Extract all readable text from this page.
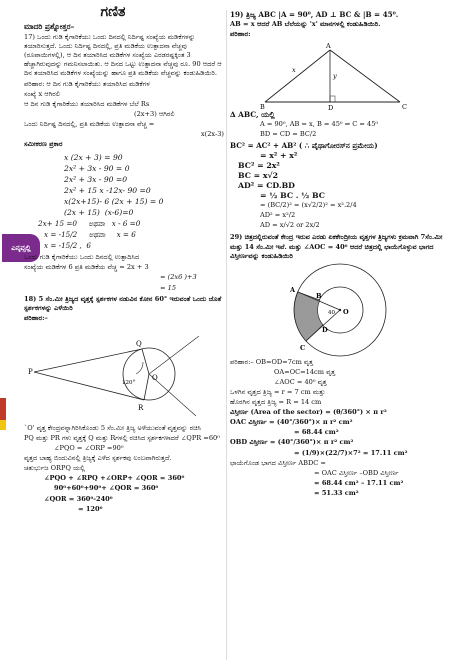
ಗಣಿತ
ಎನ್ಕವ್ಸಲ್ಲಿ
ಮಾದರಿ ಪ್ರಶ್ನೋತ್ತರ–
17) ಒಂದು ಗುಡಿ ಕೈಗಾರಿಕೆಯು ಒಂದು ದಿನದಲ್ಲಿ ನಿರ್ದಿಷ್ಟ ಸಂಖ್ಯೆಯ ಮಡಿಕೆಗಳನ್ನು ತಯಾರಿಸುತ್ತದೆ. ಒಂದು ನಿರ್ದಿಷ್ಟ ದಿನದಲ್ಲಿ, ಪ್ರತಿ ಮಡಿಕೆಯ ಉತ್ಪಾದನಾ ವೆಚ್ಚವು (ರೂಪಾಯಿಗಳಲ್ಲಿ), ಆ ದಿನ ತಯಾರಿಸಿದ ಮಡಿಕೆಗಳ ಸಂಖ್ಯೆಯ ಎರಡರಷ್ಟಕ್ಕಿಂತ 3 ಹೆಚ್ಚಾಗಿರುವುದನ್ನು ಗಮನಿಸಲಾಯಿತು. ಆ ದಿನದ ಒಟ್ಟು ಉತ್ಪಾದನಾ ವೆಚ್ಚವು ರೂ. 90 ಆದರೆ ಆ ದಿನ ತಯಾರಿಸಿದ ಮಡಿಕೆಗಳ ಸಂಖ್ಯೆಯನ್ನು ಹಾಗೂ ಪ್ರತಿ ಮಡಿಕೆಯ ವೆಚ್ಚವನ್ನು ಕಂಡುಹಿಡಿಯಿರಿ.
ಪರಿಹಾರ: ಆ ದಿನ ಗುಡಿ ಕೈಗಾರಿಕೆಯು ತಯಾರಿಸಿದ ಮಡಿಕೆಗಳ
ಸಂಖ್ಯೆ x ಆಗಿರಲಿ
ಆ ದಿನ ಗುಡಿ ಕೈಗಾರಿಕೆಯು ತಯಾರಿಸಿದ ಮಡಿಕೆಗಳ ಬೆಲೆ Rs
(2x+3) ಆಗಿರಲಿ
ಒಂದು ನಿರ್ದಿಷ್ಟ ದಿನದಲ್ಲಿ, ಪ್ರತಿ ಮಡಿಕೆಯ ಉತ್ಪಾದನಾ ವೆಚ್ಚ =
x(2x-3)
ಸಮೀಕರಣ ಪ್ರಕಾರ
x (2x + 3) = 90
2x² + 3x - 90 = 0
2x² + 3x - 90 =0
2x² + 15 x -12x- 90 =0
x(2x+15)- 6 (2x + 15) = 0
(2x + 15)  (x-6)=0
2x+ 15 =0     ಅಥವಾ   x - 6 =0
x = -15/2     ಅಥವಾ     x = 6
x = -15/2 ,  6
ಒಂದು ಗುಡಿ ಕೈಗಾರಿಕೆಯು ಒಂದು ದಿನದಲ್ಲಿ ಉತ್ಪಾದಿಸಿದ
ಸಂಖ್ಯೆಯ ಮಡಿಕೆಗಳ 6 ಪ್ರತಿ ಮಡಿಕೆಯ ವೆಚ್ಚ = 2x + 3
= (2x6 )+3
= 15
18) 5 ಸೆಂ.ಮೀ ತ್ರಿಜ್ಯದ ವೃತ್ತಕ್ಕೆ ಸ್ಪರ್ಶಕಗಳ ನಡುವಿನ ಕೋನ 60° ಇರುವಂತೆ ಒಂದು ಜೊತೆ ಸ್ಪರ್ಶಕಗಳನ್ನು ಎಳೆಯಿರಿ
ಪರಿಹಾರ:–
P
Q
R
O
120°
`O' ವೃತ್ತ ಕೇಂದ್ರವನ್ನಾಗಿರಿಸಿಕೊಂಡು 5 ಸೆಂ.ಮೀ ತ್ರಿಜ್ಯ ಅಳೆಯುವಂತೆ ವೃತ್ತವನ್ನು ರಚಿಸಿ
PQ ಮತ್ತು PR ಗಳು ವೃತ್ತಕ್ಕೆ Q ಮತ್ತು Rಗಳಲ್ಲಿ ರಚಿಸಿದ ಸ್ಪರ್ಶಕಗಳಾದರೆ ∠QPR =60⁰
∠PQO = ∠ORP =90⁰
ವೃತ್ತದ ಬಾಹ್ಯ ಬಿಂದುವಿನಲ್ಲಿ ತ್ರಿಜ್ಯಕ್ಕೆ ಎಳೆದ ಸ್ಪರ್ಶಕವು ಲಂಬವಾಗಿರುತ್ತದೆ.
ಚತುರ್ಭುಜ ORPQ ಯಲ್ಲಿ
∠PQO + ∠RPQ +∠ORP+ ∠QOR = 360⁰
90⁰+60⁰+90⁰+ ∠QOR = 360⁰
∠QOR = 360⁰-240⁰
= 120⁰
19) ತ್ರಿಜ್ಯ ABC |A = 90⁰, AD ⊥ BC & |B = 45⁰.
AB = x ಆದರೆ AB ಬೆಲೆಯನ್ನು 'x' ಮಾನಗಳಲ್ಲಿ ಕಂಡುಹಿಡಿಯಿರಿ.
ಪರಿಹಾರ:
A
B	C
D
x
y
∆ ABC, ಯಲ್ಲಿ
A = 90⁰, AB = x, B = 45⁰ ⇒ C = 45⁰
BD = CD = BC/2
BC² = AC² + AB² ( ∴ ಪೈಥಾಗೋರಸ್‌ನ ಪ್ರಮೇಯ)
= x² + x²
BC² = 2x²
BC = x√2
AD² = CD.BD
= ½ BC . ½ BC
= (BC/2)² = (x√2/2)² = x².2/4
AD² = x²/2
AD = x/√2 or 2x/2
29) ಚಿತ್ರದಲ್ಲಿರುವಂತೆ ಕೇಂದ್ರ ಇರುವ ಎರಡು ಏಕಕೇಂದ್ರೀಯ ವೃತ್ತಗಳ ತ್ರಿಜ್ಯಗಳು ಕ್ರಮವಾಗಿ 7ಸೆಂ.ಮೀ ಮತ್ತು 14 ಸೆಂ.ಮೀ ಇವೆ. ಮತ್ತು ∠AOC = 40⁰ ಆದರೆ ಚಿತ್ರದಲ್ಲಿ ಛಾಯೆಗೊಳ್ಳುವ ಭಾಗದ ವಿಸ್ತೀರ್ಣವನ್ನು ಕಂಡುಹಿಡಿಯಿರಿ
A
B
C
D
O
40
ಪರಿಹಾರ:– OB=OD=7cm ವೃತ್ತ
OA=OC=14cm ವೃತ್ತ
∠AOC = 40⁰ ವೃತ್ತ
ಒಳಗಿನ ವೃತ್ತದ ತ್ರಿಜ್ಯ = r = 7 cm ಮತ್ತು
ಹೊರಗಿನ ವೃತ್ತದ ತ್ರಿಜ್ಯ = R = 14 cm
ವಿಸ್ತೀರ್ಣ (Area of the sector) = (θ/360°) × π r²
OAC ವಿಸ್ತೀರ್ಣ = (40°/360°)× π r² cm²
= 68.44 cm²
OBD ವಿಸ್ತೀರ್ಣ = (40°/360°)× π r² cm²
= (1/9)×(22/7)×7² = 17.11 cm²
ಛಾಯೆಗೊಂಡ ಭಾಗದ ವಿಸ್ತೀರ್ಣ ABDC =
= OAC ವಿಸ್ತೀರ್ಣ –OBD ವಿಸ್ತೀರ್ಣ
= 68.44 cm² – 17.11 cm²
= 51.33 cm²
